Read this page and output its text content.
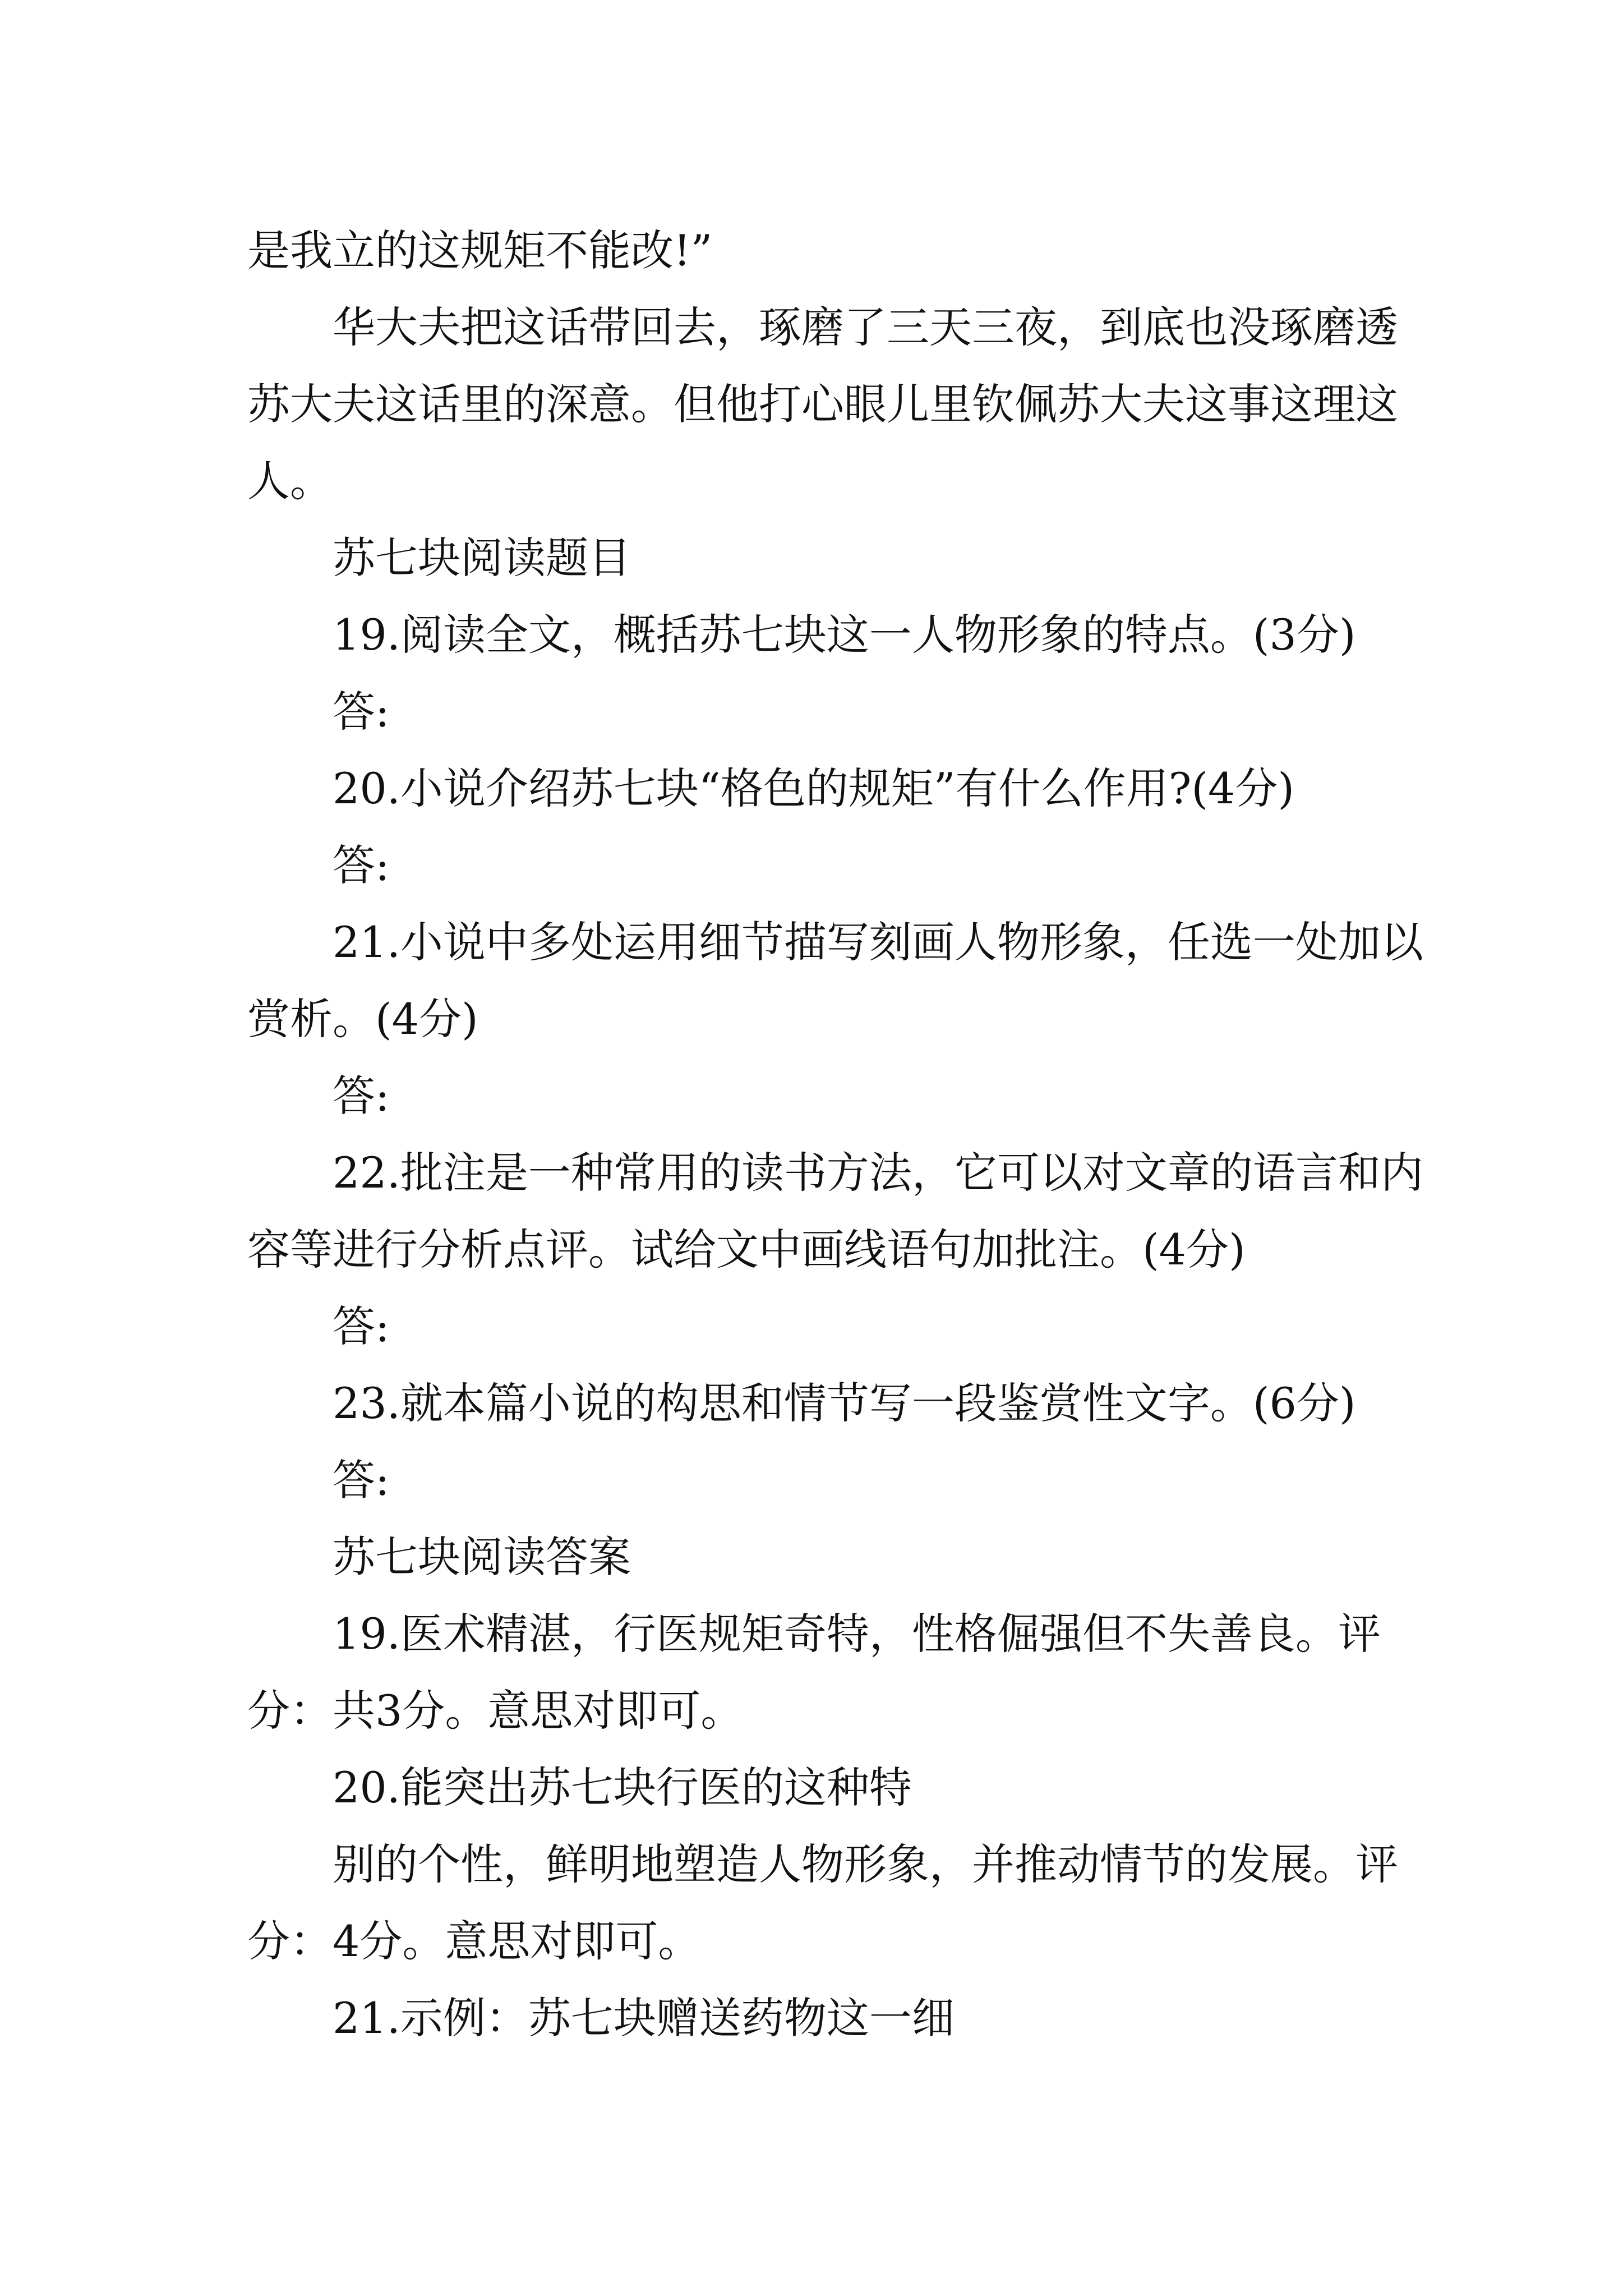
是我立的这规矩不能改!”

华大夫把这话带回去，琢磨了三天三夜，到底也没琢磨透苏大夫这话里的深意。但他打心眼儿里钦佩苏大夫这事这理这人。

苏七块阅读题目

19.阅读全文，概括苏七块这一人物形象的特点。(3分)

答:

20.小说介绍苏七块“格色的规矩”有什么作用?(4分)

答:

21.小说中多处运用细节描写刻画人物形象，任选一处加以赏析。(4分)

答:

22.批注是一种常用的读书方法，它可以对文章的语言和内容等进行分析点评。试给文中画线语句加批注。(4分)

答:

23.就本篇小说的构思和情节写一段鉴赏性文字。(6分)

答:

苏七块阅读答案

19.医术精湛，行医规矩奇特，性格倔强但不失善良。评分：共3分。意思对即可。

20.能突出苏七块行医的这种特

别的个性，鲜明地塑造人物形象，并推动情节的发展。评分：4分。意思对即可。

21.示例：苏七块赠送药物这一细
